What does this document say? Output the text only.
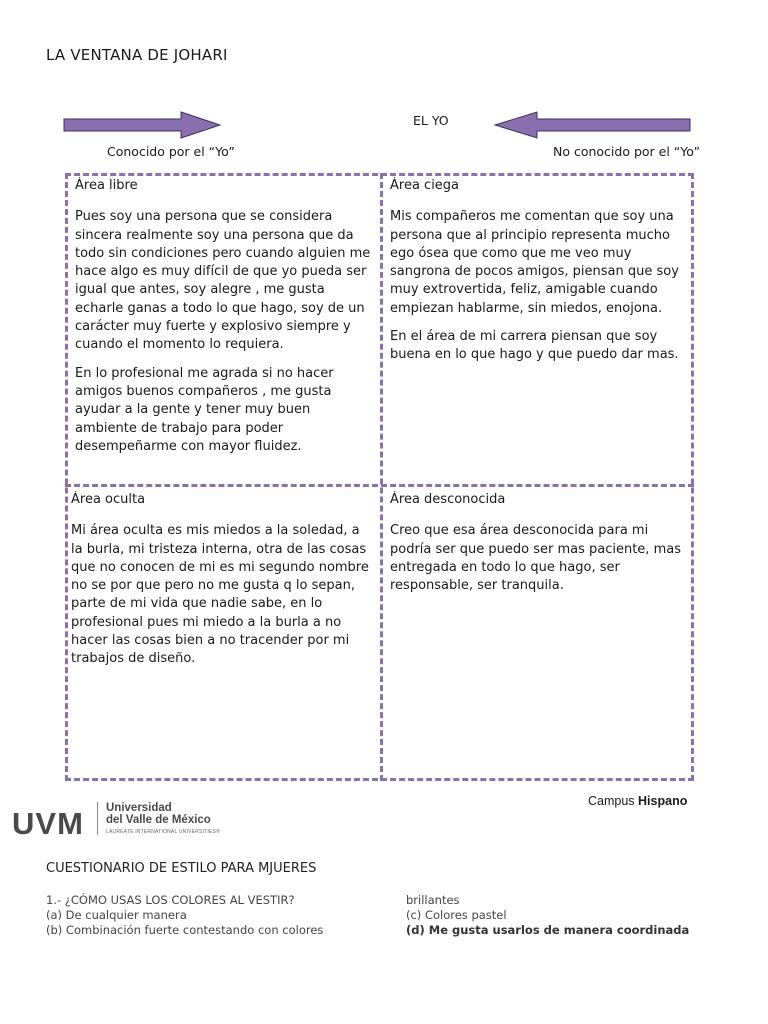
LA VENTANA DE JOHARI
EL YO
Conocido por el “Yo”	No conocido por el “Yo”
Área libre

Pues soy una persona que se considera sincera realmente soy una persona que da todo sin condiciones pero cuando alguien me hace algo es muy difícil de que yo pueda ser igual que antes, soy alegre , me gusta echarle ganas a todo lo que hago, soy de un carácter muy fuerte y explosivo siempre y cuando el momento lo requiera.

En lo profesional me agrada si no hacer amigos buenos compañeros , me gusta ayudar a la gente y tener muy buen ambiente de trabajo para poder desempeñarme con mayor fluidez.

Área ciega

Mis compañeros me comentan que soy una persona que al principio representa mucho ego ósea que como que me veo muy sangrona de pocos amigos, piensan que soy muy extrovertida, feliz, amigable cuando empiezan hablarme, sin miedos, enojona.

En el área de mi carrera piensan que soy buena en lo que hago y que puedo dar mas.

Área oculta

Mi área oculta es mis miedos a la soledad, a la burla, mi tristeza interna, otra de las cosas que no conocen de mi es mi segundo nombre no se por que pero no me gusta q lo sepan, parte de mi vida que nadie sabe, en lo profesional pues mi miedo a la burla a no hacer las cosas bien a no tracender por mi trabajos de diseño.

Área desconocida

Creo que esa área desconocida para mi podría ser que puedo ser mas paciente, mas entregada en todo lo que hago, ser responsable, ser tranquila.

Campus Hispano
UVM Universidad
del Valle de México
LAUREATE INTERNATIONAL UNIVERSITIES®
CUESTIONARIO DE ESTILO PARA MJUERES
1.- ¿CÓMO USAS LOS COLORES AL VESTIR?
(a) De cualquier manera
(b) Combinación fuerte contestando con colores
brillantes
(c) Colores pastel
(d) Me gusta usarlos de manera coordinada
